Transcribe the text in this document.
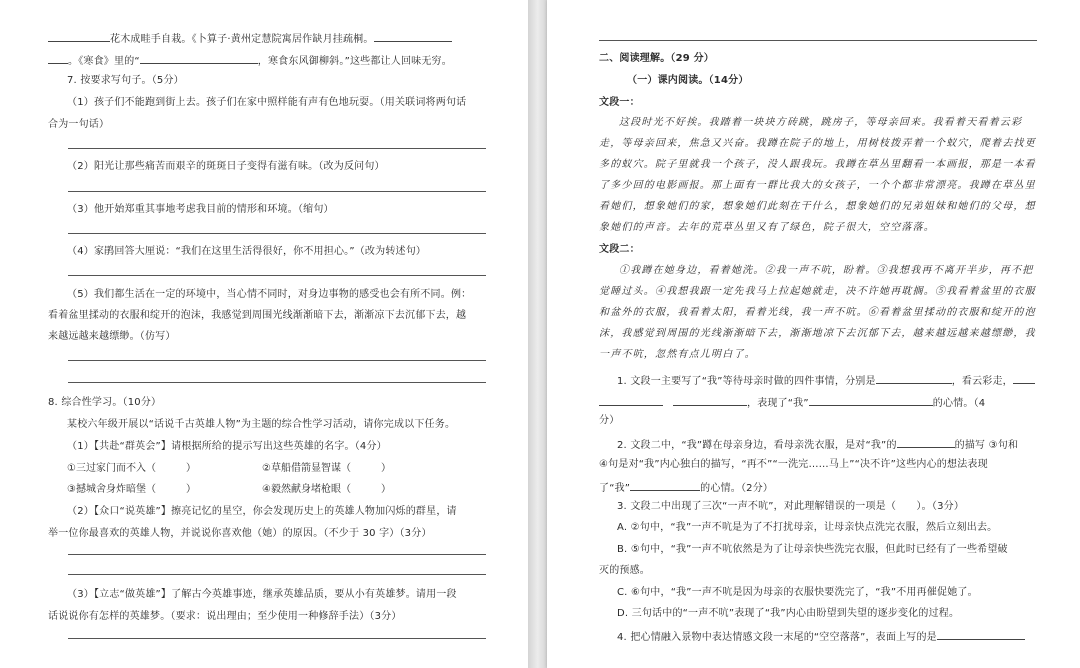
花木成畦手自栽。《卜算子·黄州定慧院寓居作缺月挂疏桐。
。《寒食》里的“	，寒食东风御柳斜。”这些都让人回味无穷。
7. 按要求写句子。（5分）
（1）孩子们不能跑到街上去。孩子们在家中照样能有声有色地玩耍。（用关联词将两句话
合为一句话）
（2）阳光让那些痛苦而艰辛的斑斑日子变得有滋有味。（改为反问句）
（3）他开始郑重其事地考虑我目前的情形和环境。（缩句）
（4）家鹃回答大厘说：“我们在这里生活得很好，你不用担心。”（改为转述句）
（5）我们都生活在一定的环境中，当心情不同时，对身边事物的感受也会有所不同。例：
看着盆里揉动的衣服和绽开的泡沫，我感觉到周围光线渐渐暗下去，渐渐凉下去沉郁下去，越
来越远越来越缥缈。（仿写）
8. 综合性学习。（10分）
某校六年级开展以“话说千古英雄人物”为主题的综合性学习活动，请你完成以下任务。
（1）【共赴“群英会”】请根据所给的提示写出这些英雄的名字。（4分）
①三过家门而不入（　　　）	②草船借箭显智谋（　　　）
③撼城舍身炸暗堡（　　　）	④毅然献身堵枪眼（　　　）
（2）【众口“说英雄”】擦亮记忆的星空，你会发现历史上的英雄人物加闪烁的群星，请
举一位你最喜欢的英雄人物，并说说你喜欢他（她）的原因。（不少于 30 字）（3分）
（3）【立志“做英雄”】了解古今英雄事迹，继承英雄品质，要从小有英雄梦。请用一段
话说说你有怎样的英雄梦。（要求：说出理由；至少使用一种修辞手法）（3分）
二、阅读理解。（29 分）
（一）课内阅读。（14分）
文段一：
这段时光不好挨。我踏着一块块方砖跳，跳房子，等母亲回来。我看着天看着云彩走，等母亲回来，焦急又兴奋。我蹲在院子的地上，用树枝拨弄着一个蚁穴，爬着去找更多的蚁穴。院子里就我一个孩子，没人跟我玩。我蹲在草丛里翻看一本画报，那是一本看了多少回的电影画报。那上面有一群比我大的女孩子，一个个都非常漂亮。我蹲在草丛里看她们，想象她们的家，想象她们此刻在干什么，想象她们的兄弟姐妹和她们的父母，想象她们的声音。去年的荒草丛里又有了绿色，院子很大，空空落落。
文段二：
①我蹲在她身边，看着她洗。②我一声不吭，盼着。③我想我再不离开半步，再不把觉睡过头。④我想我跟一定先我马上拉起她就走，决不许她再耽搁。⑤我看着盆里的衣服和盆外的衣服，我看着太阳，看着光线，我一声不吭。⑥看着盆里揉动的衣服和绽开的泡沫，我感觉到周围的光线渐渐暗下去，渐渐地凉下去沉郁下去，越来越远越来越缥缈，我一声不吭，忽然有点儿明白了。
1. 文段一主要写了“我”等待母亲时做的四件事情，分别是	，看云彩走，
，表现了“我”	的心情。（4
分）
2. 文段二中，“我”蹲在母亲身边，看母亲洗衣服，是对“我”的	的描写 ③句和
④句是对“我”内心独白的描写，“再不”“一洗完……马上”“决不许”这些内心的想法表现
了“我”	的心情。（2分）
3. 文段二中出现了三次“一声不吭”，对此理解错误的一项是（　　）。（3分）
A. ②句中，“我”一声不吭是为了不打扰母亲，让母亲快点洗完衣服，然后立刻出去。
B. ⑤句中，“我”一声不吭依然是为了让母亲快些洗完衣服，但此时已经有了一些希望破
灭的预感。
C. ⑥句中，“我”一声不吭是因为母亲的衣服快要洗完了，“我”不用再催促她了。
D. 三句话中的“一声不吭”表现了“我”内心由盼望到失望的逐步变化的过程。
4. 把心情融入景物中表达情感文段一末尾的“空空落落”，表面上写的是
